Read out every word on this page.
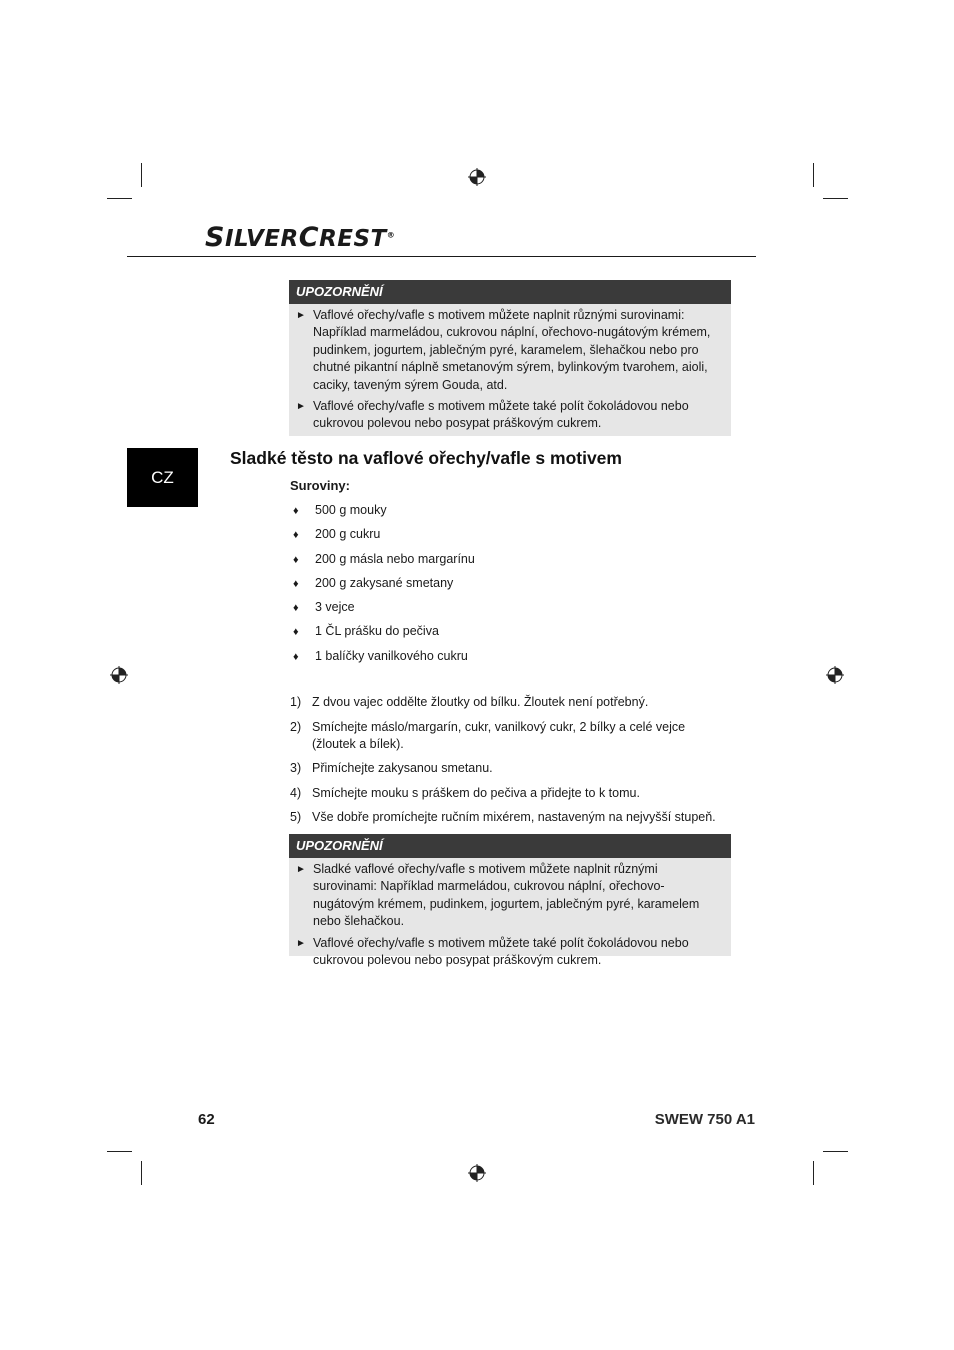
SILVERCREST®
CZ
UPOZORNĚNÍ
► Vaflové ořechy/vafle s motivem můžete naplnit různými surovinami: Například marmeládou, cukrovou náplní, ořechovo-nugátovým krémem, pudinkem, jogurtem, jablečným pyré, karamelem, šlehačkou nebo pro chutné pikantní náplně smetanovým sýrem, bylinkovým tvarohem, aioli, caciky, taveným sýrem Gouda, atd.
► Vaflové ořechy/vafle s motivem můžete také polít čokoládovou nebo cukrovou polevou nebo posypat práškovým cukrem.
Sladké těsto na vaflové ořechy/vafle s motivem
Suroviny:
♦	500 g mouky
♦	200 g cukru
♦	200 g másla nebo margarínu
♦	200 g zakysané smetany
♦	3 vejce
♦	1 ČL prášku do pečiva
♦	1 balíčky vanilkového cukru
1) Z dvou vajec oddělte žloutky od bílku. Žloutek není potřebný.
2) Smíchejte máslo/margarín, cukr, vanilkový cukr, 2 bílky a celé vejce (žloutek a bílek).
3) Přimíchejte zakysanou smetanu.
4) Smíchejte mouku s práškem do pečiva a přidejte to k tomu.
5) Vše dobře promíchejte ručním mixérem, nastaveným na nejvyšší stupeň.
UPOZORNĚNÍ
► Sladké vaflové ořechy/vafle s motivem můžete naplnit různými surovinami: Například marmeládou, cukrovou náplní, ořechovo-nugátovým krémem, pudinkem, jogurtem, jablečným pyré, karamelem nebo šlehačkou.
► Vaflové ořechy/vafle s motivem můžete také polít čokoládovou nebo cukrovou polevou nebo posypat práškovým cukrem.
62	SWEW 750 A1
